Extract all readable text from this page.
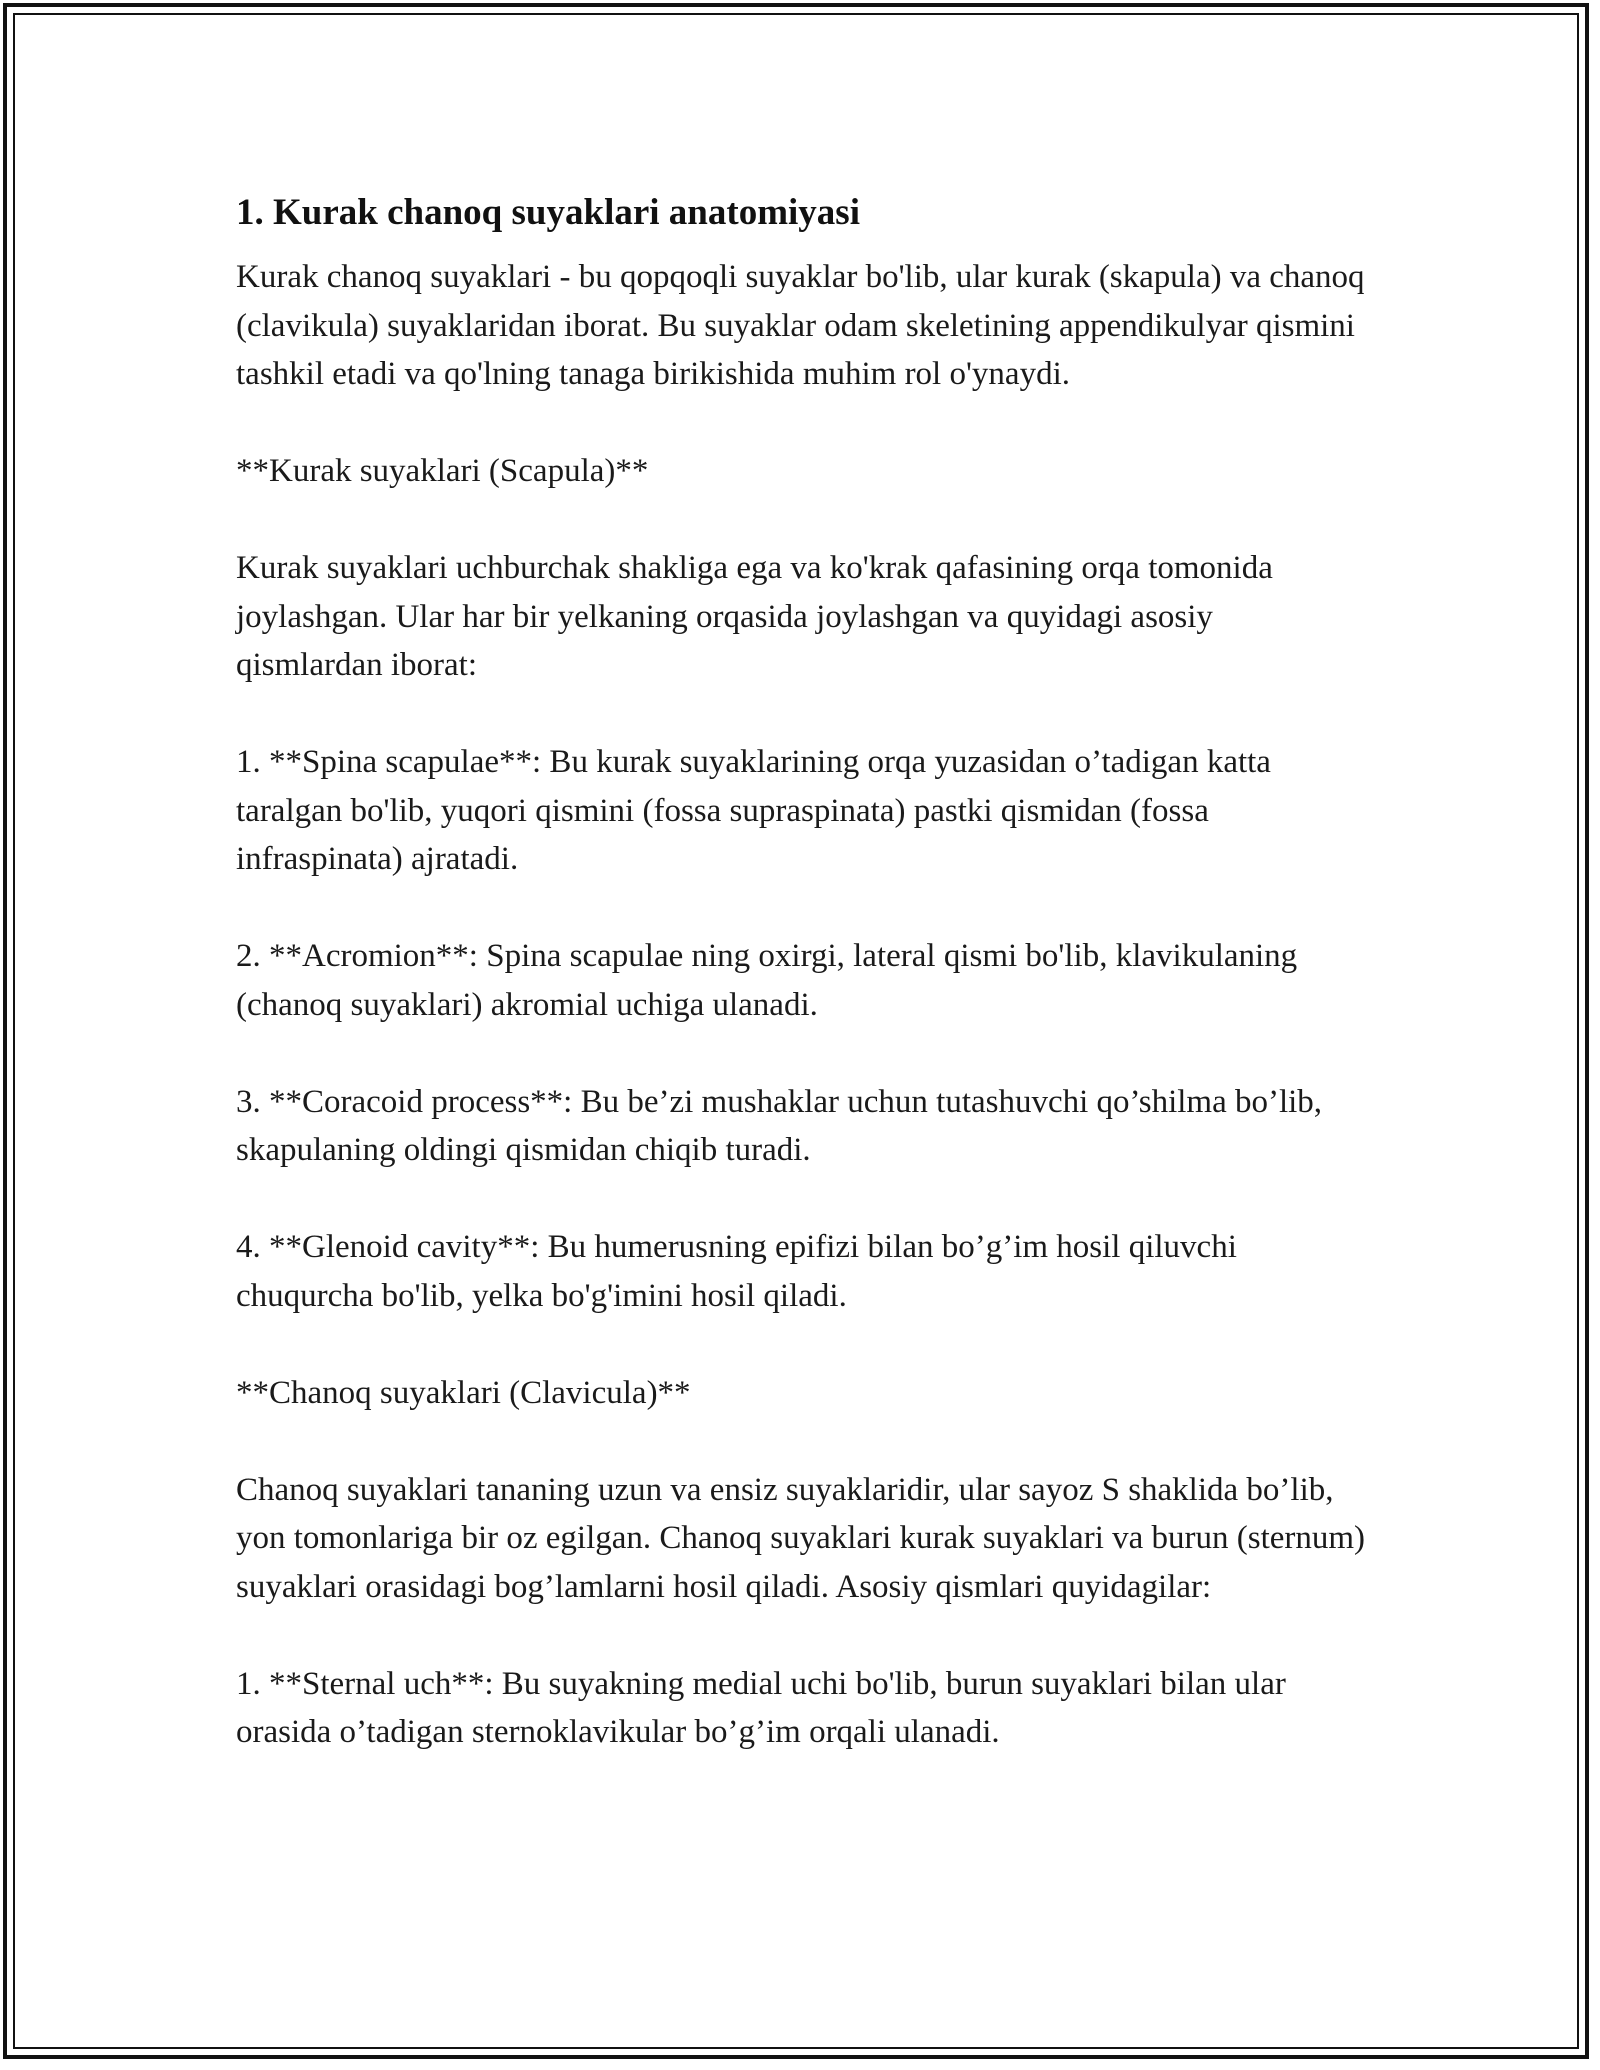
1. Kurak chanoq suyaklari anatomiyasi

Kurak chanoq suyaklari - bu qopqoqli suyaklar bo'lib, ular kurak (skapula) va chanoq (clavikula) suyaklaridan iborat. Bu suyaklar odam skeletining appendikulyar qismini tashkil etadi va qo'lning tanaga birikishida muhim rol o'ynaydi.

**Kurak suyaklari (Scapula)**

Kurak suyaklari uchburchak shakliga ega va ko'krak qafasining orqa tomonida joylashgan. Ular har bir yelkaning orqasida joylashgan va quyidagi asosiy qismlardan iborat:

1. **Spina scapulae**: Bu kurak suyaklarining orqa yuzasidan o’tadigan katta taralgan bo'lib, yuqori qismini (fossa supraspinata) pastki qismidan (fossa infraspinata) ajratadi.

2. **Acromion**: Spina scapulae ning oxirgi, lateral qismi bo'lib, klavikulaning (chanoq suyaklari) akromial uchiga ulanadi.

3. **Coracoid process**: Bu be’zi mushaklar uchun tutashuvchi qo’shilma bo’lib, skapulaning oldingi qismidan chiqib turadi.

4. **Glenoid cavity**: Bu humerusning epifizi bilan bo’g’im hosil qiluvchi chuqurcha bo'lib, yelka bo'g'imini hosil qiladi.

**Chanoq suyaklari (Clavicula)**

Chanoq suyaklari tananing uzun va ensiz suyaklaridir, ular sayoz S shaklida bo’lib, yon tomonlariga bir oz egilgan. Chanoq suyaklari kurak suyaklari va burun (sternum) suyaklari orasidagi bog’lamlarni hosil qiladi. Asosiy qismlari quyidagilar:

1. **Sternal uch**: Bu suyakning medial uchi bo'lib, burun suyaklari bilan ular orasida o’tadigan sternoklavikular bo’g’im orqali ulanadi.
